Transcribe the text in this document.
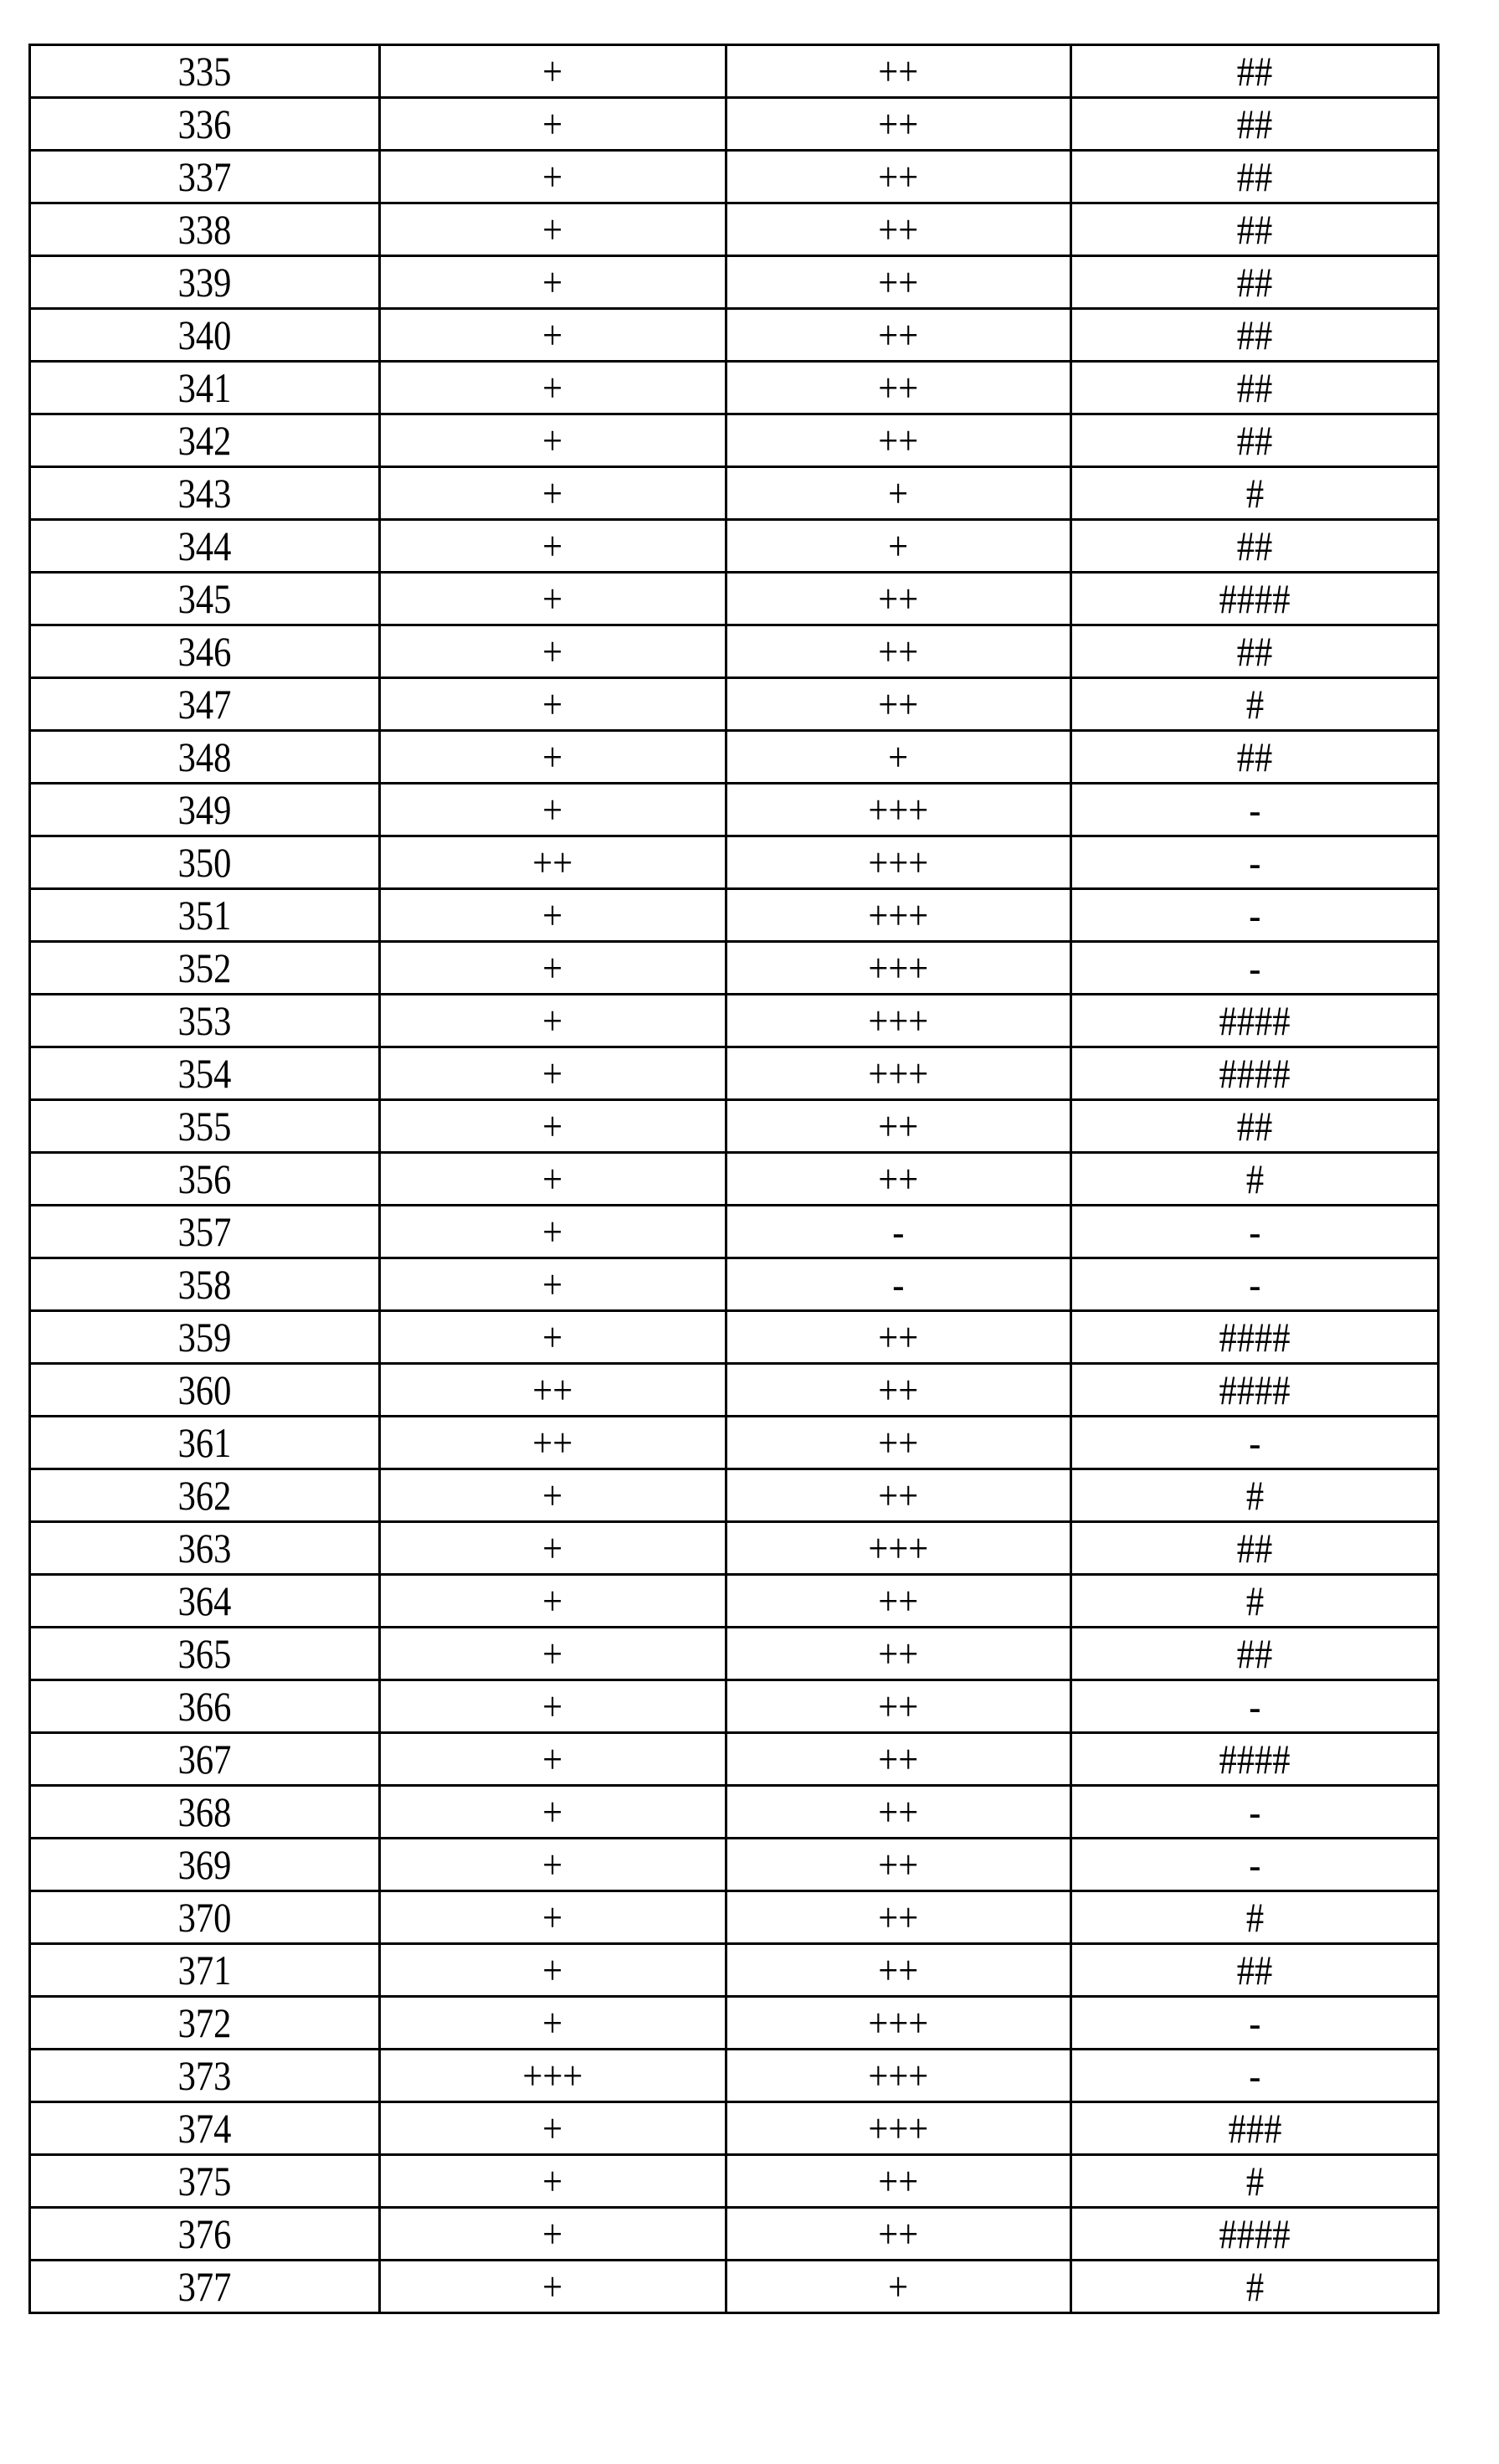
335	+	++	##
336	+	++	##
337	+	++	##
338	+	++	##
339	+	++	##
340	+	++	##
341	+	++	##
342	+	++	##
343	+	+	#
344	+	+	##
345	+	++	####
346	+	++	##
347	+	++	#
348	+	+	##
349	+	+++	-
350	++	+++	-
351	+	+++	-
352	+	+++	-
353	+	+++	####
354	+	+++	####
355	+	++	##
356	+	++	#
357	+	-	-
358	+	-	-
359	+	++	####
360	++	++	####
361	++	++	-
362	+	++	#
363	+	+++	##
364	+	++	#
365	+	++	##
366	+	++	-
367	+	++	####
368	+	++	-
369	+	++	-
370	+	++	#
371	+	++	##
372	+	+++	-
373	+++	+++	-
374	+	+++	###
375	+	++	#
376	+	++	####
377	+	+	#
